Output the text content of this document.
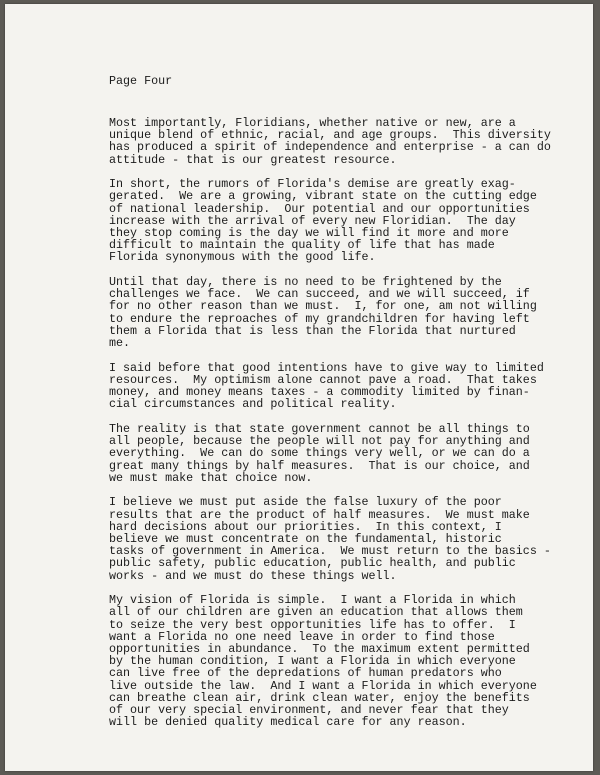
Page Four
Most importantly, Floridians, whether native or new, are a
unique blend of ethnic, racial, and age groups.  This diversity
has produced a spirit of independence and enterprise - a can do
attitude - that is our greatest resource.
In short, the rumors of Florida's demise are greatly exag-
gerated.  We are a growing, vibrant state on the cutting edge
of national leadership.  Our potential and our opportunities
increase with the arrival of every new Floridian.  The day
they stop coming is the day we will find it more and more
difficult to maintain the quality of life that has made
Florida synonymous with the good life.
Until that day, there is no need to be frightened by the
challenges we face.  We can succeed, and we will succeed, if
for no other reason than we must.  I, for one, am not willing
to endure the reproaches of my grandchildren for having left
them a Florida that is less than the Florida that nurtured
me.
I said before that good intentions have to give way to limited
resources.  My optimism alone cannot pave a road.  That takes
money, and money means taxes - a commodity limited by finan-
cial circumstances and political reality.
The reality is that state government cannot be all things to
all people, because the people will not pay for anything and
everything.  We can do some things very well, or we can do a
great many things by half measures.  That is our choice, and
we must make that choice now.
I believe we must put aside the false luxury of the poor
results that are the product of half measures.  We must make
hard decisions about our priorities.  In this context, I
believe we must concentrate on the fundamental, historic
tasks of government in America.  We must return to the basics -
public safety, public education, public health, and public
works - and we must do these things well.
My vision of Florida is simple.  I want a Florida in which
all of our children are given an education that allows them
to seize the very best opportunities life has to offer.  I
want a Florida no one need leave in order to find those
opportunities in abundance.  To the maximum extent permitted
by the human condition, I want a Florida in which everyone
can live free of the depredations of human predators who
live outside the law.  And I want a Florida in which everyone
can breathe clean air, drink clean water, enjoy the benefits
of our very special environment, and never fear that they
will be denied quality medical care for any reason.
